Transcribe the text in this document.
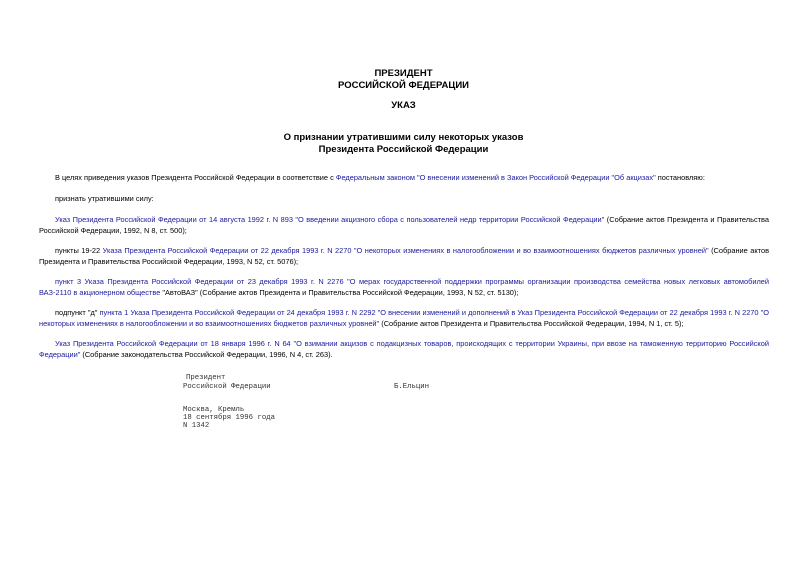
ПРЕЗИДЕНТ
РОССИЙСКОЙ ФЕДЕРАЦИИ
УКАЗ
О признании утратившими силу некоторых указов
Президента Российской Федерации
В целях приведения указов Президента Российской Федерации в соответствие с Федеральным законом "О внесении изменений в Закон Российской Федерации "Об акцизах" постановляю:
признать утратившими силу:
Указ Президента Российской Федерации от 14 августа 1992 г. N 893 "О введении акцизного сбора с пользователей недр территории Российской Федерации" (Собрание актов Президента и Правительства Российской Федерации, 1992, N 8, ст. 500);
пункты 19-22 Указа Президента Российской Федерации от 22 декабря 1993 г. N 2270 "О некоторых изменениях в налогообложении и во взаимоотношениях бюджетов различных уровней" (Собрание актов Президента и Правительства Российской Федерации, 1993, N 52, ст. 5076);
пункт 3 Указа Президента Российской Федерации от 23 декабря 1993 г. N 2276 "О мерах государственной поддержки программы организации производства семейства новых легковых автомобилей ВАЗ-2110 в акционерном обществе "АвтоВАЗ" (Собрание актов Президента и Правительства Российской Федерации, 1993, N 52, ст. 5130);
подпункт "д" пункта 1 Указа Президента Российской Федерации от 24 декабря 1993 г. N 2292 "О внесении изменений и дополнений в Указ Президента Российской Федерации от 22 декабря 1993 г. N 2270 "О некоторых изменениях в налогообложении и во взаимоотношениях бюджетов различных уровней" (Собрание актов Президента и Правительства Российской Федерации, 1994, N 1, ст. 5);
Указ Президента Российской Федерации от 18 января 1996 г. N 64 "О взимании акцизов с подакцизных товаров, происходящих с территории Украины, при ввозе на таможенную территорию Российской Федерации" (Собрание законодательства Российской Федерации, 1996, N 4, ст. 263).
Президент
Российской Федерации	Б.Ельцин
Москва, Кремль
18 сентября 1996 года
N 1342
